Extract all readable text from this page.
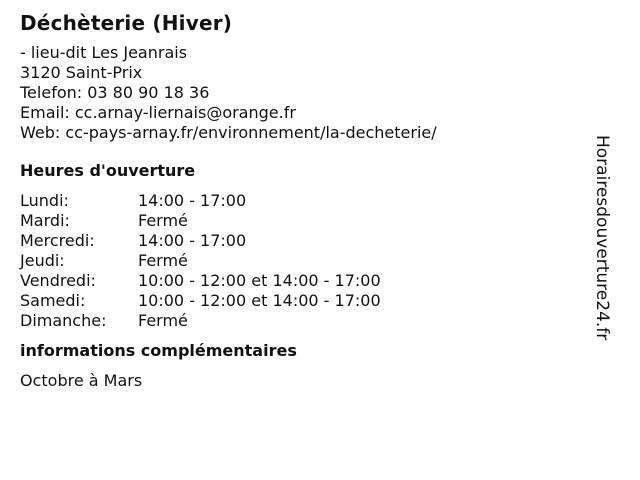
Déchèterie (Hiver)
- lieu-dit Les Jeanrais
3120 Saint-Prix
Telefon: 03 80 90 18 36
Email: cc.arnay-liernais@orange.fr
Web: cc-pays-arnay.fr/environnement/la-decheterie/
Heures d'ouverture
Lundi:	14:00 - 17:00
Mardi:	Fermé
Mercredi:	14:00 - 17:00
Jeudi:	Fermé
Vendredi:	10:00 - 12:00 et 14:00 - 17:00
Samedi:	10:00 - 12:00 et 14:00 - 17:00
Dimanche:	Fermé
informations complémentaires
Octobre à Mars
Horairesdouverture24.fr
